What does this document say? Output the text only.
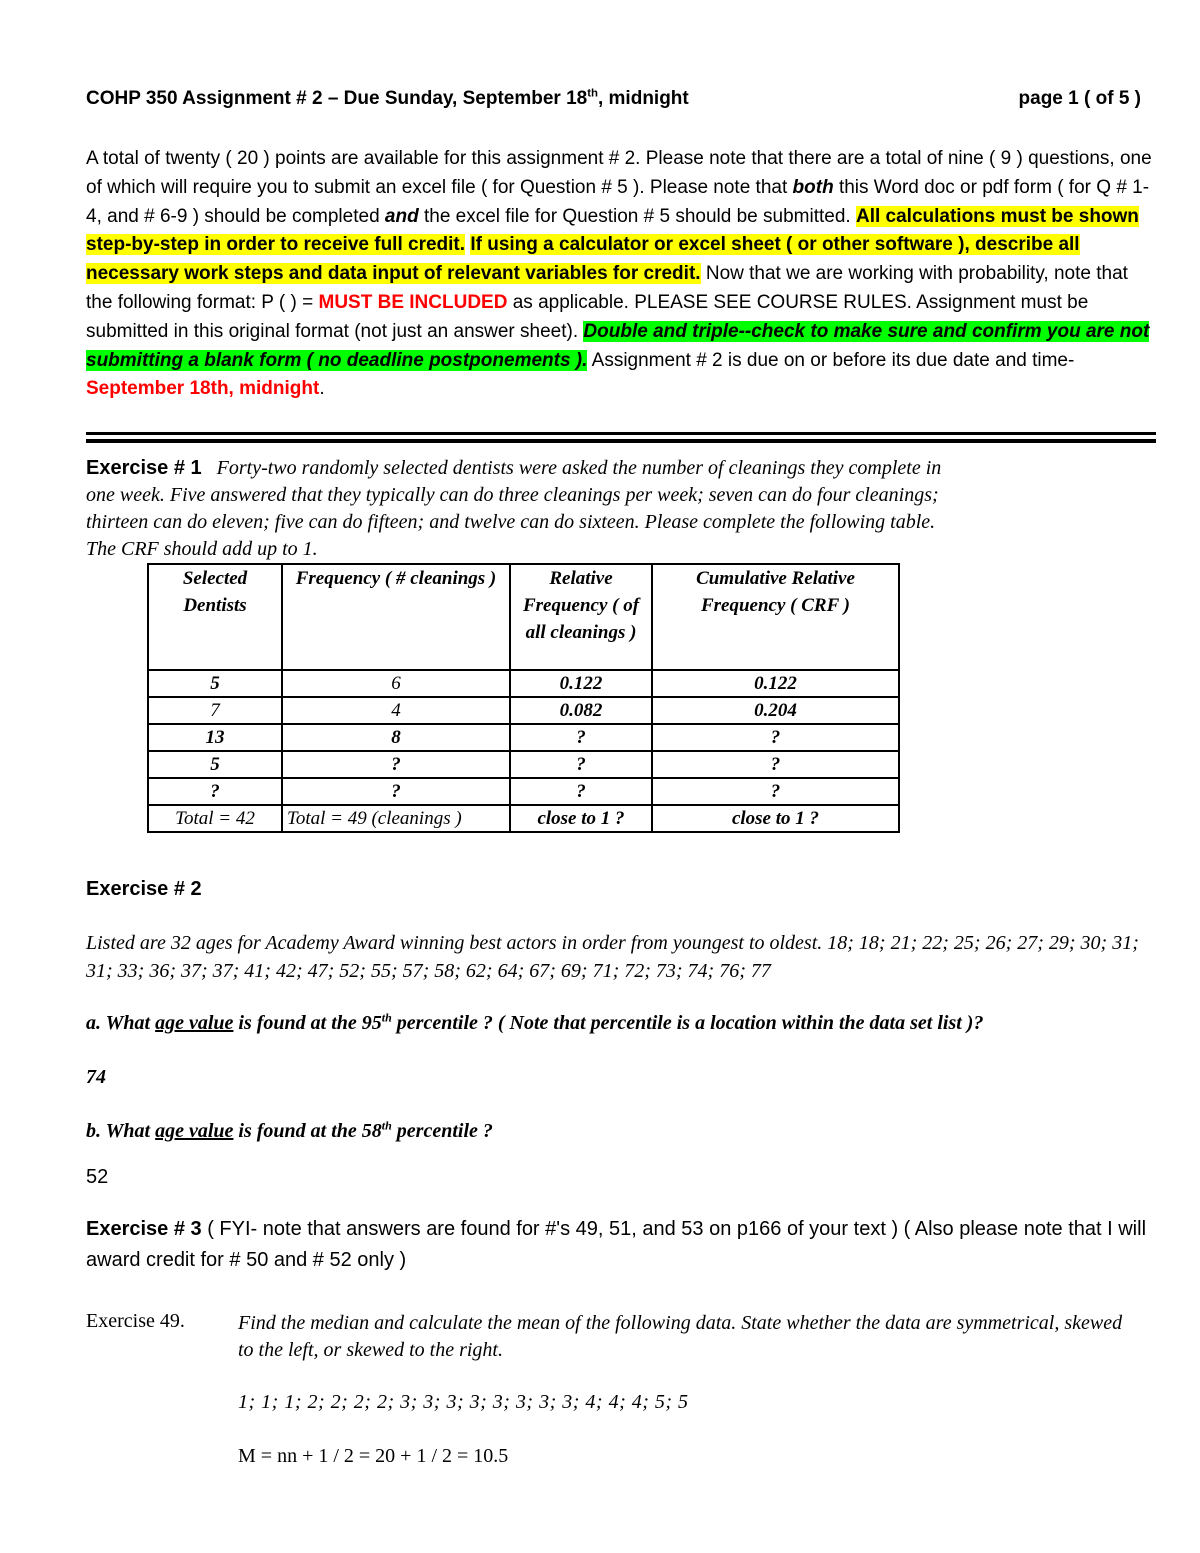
COHP 350 Assignment # 2 – Due Sunday, September 18th, midnight	page 1 ( of 5 )
A total of twenty ( 20 ) points are available for this assignment # 2. Please note that there are a total of nine ( 9 ) questions, one of which will require you to submit an excel file ( for Question # 5 ). Please note that both this Word doc or pdf form ( for Q # 1-4, and # 6-9 ) should be completed and the excel file for Question # 5 should be submitted. All calculations must be shown step-by-step in order to receive full credit. If using a calculator or excel sheet ( or other software ), describe all necessary work steps and data input of relevant variables for credit. Now that we are working with probability, note that the following format: P ( ) = MUST BE INCLUDED as applicable. PLEASE SEE COURSE RULES. Assignment must be submitted in this original format (not just an answer sheet). Double and triple--check to make sure and confirm you are not submitting a blank form ( no deadline postponements ). Assignment # 2 is due on or before its due date and time- September 18th, midnight.
Exercise # 1 Forty-two randomly selected dentists were asked the number of cleanings they complete in one week. Five answered that they typically can do three cleanings per week; seven can do four cleanings; thirteen can do eleven; five can do fifteen; and twelve can do sixteen. Please complete the following table. The CRF should add up to 1.
Selected Dentists	Frequency ( # cleanings )	Relative Frequency ( of all cleanings )	Cumulative Relative Frequency ( CRF )
5	6	0.122	0.122
7	4	0.082	0.204
13	8	?	?
5	?	?	?
?	?	?	?
Total = 42	Total = 49 (cleanings )	close to 1 ?	close to 1 ?
Exercise # 2
Listed are 32 ages for Academy Award winning best actors in order from youngest to oldest. 18; 18; 21; 22; 25; 26; 27; 29; 30; 31; 31; 33; 36; 37; 37; 41; 42; 47; 52; 55; 57; 58; 62; 64; 67; 69; 71; 72; 73; 74; 76; 77
a. What age value is found at the 95th percentile ? ( Note that percentile is a location within the data set list )?
74
b. What age value is found at the 58th percentile ?
52
Exercise # 3 ( FYI- note that answers are found for #'s 49, 51, and 53 on p166 of your text ) ( Also please note that I will award credit for # 50 and # 52 only )
Exercise 49.	Find the median and calculate the mean of the following data. State whether the data are symmetrical, skewed to the left, or skewed to the right.
1; 1; 1; 2; 2; 2; 2; 3; 3; 3; 3; 3; 3; 3; 3; 4; 4; 4; 5; 5
M = nn + 1 / 2 = 20 + 1 / 2 = 10.5
